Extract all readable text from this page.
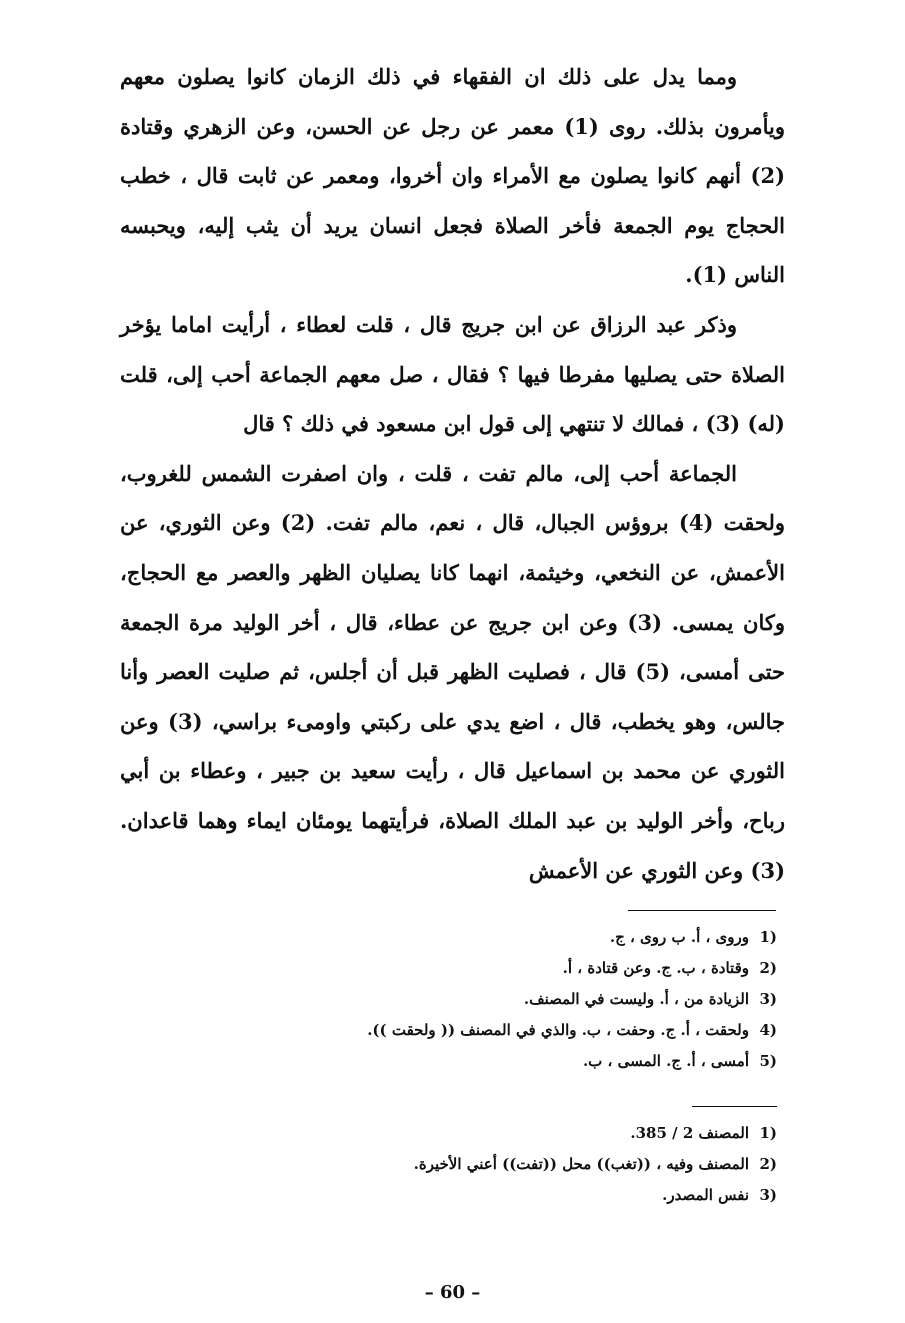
ومما يدل على ذلك ان الفقهاء في ذلك الزمان كانوا يصلون معهم ويأمرون بذلك. روى (1) معمر عن رجل عن الحسن، وعن الزهري وقتادة (2) أنهم كانوا يصلون مع الأمراء وان أخروا، ومعمر عن ثابت قال ، خطب الحجاج يوم الجمعة فأخر الصلاة فجعل انسان يريد أن يثب إليه، ويحبسه الناس (1).

وذكر عبد الرزاق عن ابن جريج قال ، قلت لعطاء ، أرأيت اماما يؤخر الصلاة حتى يصليها مفرطا فيها ؟ فقال ، صل معهم الجماعة أحب إلى، قلت (له) (3) ، فمالك لا تنتهي إلى قول ابن مسعود في ذلك ؟ قال

الجماعة أحب إلى، مالم تفت ، قلت ، وان اصفرت الشمس للغروب، ولحقت (4) بروؤس الجبال، قال ، نعم، مالم تفت. (2) وعن الثوري، عن الأعمش، عن النخعي، وخيثمة، انهما كانا يصليان الظهر والعصر مع الحجاج، وكان يمسى. (3) وعن ابن جريج عن عطاء، قال ، أخر الوليد مرة الجمعة حتى أمسى، (5) قال ، فصليت الظهر قبل أن أجلس، ثم صليت العصر وأنا جالس، وهو يخطب، قال ، اضع يدي على ركبتي واومىء براسي، (3) وعن الثوري عن محمد بن اسماعيل قال ، رأيت سعيد بن جبير ، وعطاء بن أبي رباح، وأخر الوليد بن عبد الملك الصلاة، فرأيتهما يومئان ايماء وهما قاعدان. (3) وعن الثوري عن الأعمش

(1
وروى ، أ. ب روى ، ج.
(2
وقتادة ، ب. ج. وعن قتادة ، أ.
(3
الزيادة من ، أ. وليست في المصنف.
(4
ولحقت ، أ. ج. وحفت ، ب. والذي في المصنف (( ولحقت )).
(5
أمسى ، أ. ج. المسى ، ب.
(1
المصنف 2 / 385.
(2
المصنف وفيه ، ((تغب)) محل ((تفت)) أعني الأخيرة.
(3
نفس المصدر.
– 60 –
